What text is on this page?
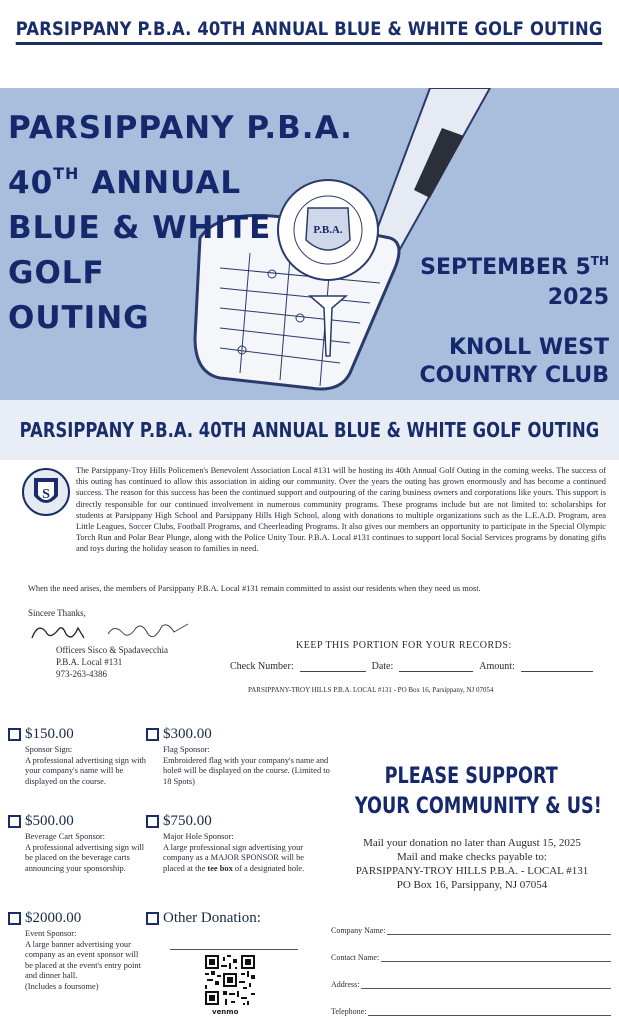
PARSIPPANY P.B.A. 40TH ANNUAL BLUE & WHITE GOLF OUTING
P.B.A.
PARSIPPANY P.B.A.
40TH ANNUAL
BLUE & WHITE
GOLF
OUTING
SEPTEMBER 5TH
2025
KNOLL WEST
COUNTRY CLUB
PARSIPPANY P.B.A. 40TH ANNUAL BLUE & WHITE GOLF OUTING
S
The Parsippany-Troy Hills Policemen's Benevolent Association Local #131 will be hosting its 40th Annual Golf Outing in the coming weeks. The success of this outing has continued to allow this association in aiding our community. Over the years the outing has grown enormously and has become a continued success. The reason for this success has been the continued support and outpouring of the caring business owners and corporations like yours. This support is directly responsible for our continued involvement in numerous community programs. These programs include but are not limited to: scholarships for students at Parsippany High School and Parsippany Hills High School, along with donations to multiple organizations such as the L.E.A.D. Program, area Little Leagues, Soccer Clubs, Football Programs, and Cheerleading Programs. It also gives our members an opportunity to participate in the Special Olympic Torch Run and Polar Bear Plunge, along with the Police Unity Tour. P.B.A. Local #131 continues to support local Social Services programs by donating gifts and toys during the holiday season to families in need.
When the need arises, the members of Parsippany P.B.A. Local #131 remain committed to assist our residents when they need us most.
Sincere Thanks,
Officers Sisco & Spadavecchia
P.B.A. Local #131
973-263-4386
KEEP THIS PORTION FOR YOUR RECORDS:
Check Number:	Date:	Amount:
PARSIPPANY-TROY HILLS P.B.A. LOCAL #131 - PO Box 16, Parsippany, NJ 07054
$150.00
Sponsor Sign:
A professional advertising sign with your company's name will be displayed on the course.
$300.00
Flag Sponsor:
Embroidered flag with your company's name and hole# will be displayed on the course. (Limited to 18 Spots)
$500.00
Beverage Cart Sponsor:
A professional advertising sign will be placed on the beverage carts announcing your sponsorship.
$750.00
Major Hole Sponsor:
A large professional sign advertising your company as a MAJOR SPONSOR will be placed at the tee box of a designated hole.
$2000.00
Event Sponsor:
A large banner advertising your company as an event sponsor will be placed at the event's entry point and dinner hall.
(Includes a foursome)
Other Donation:
venmo
PLEASE SUPPORT
YOUR COMMUNITY & US!
Mail your donation no later than August 15, 2025
Mail and make checks payable to:
PARSIPPANY-TROY HILLS P.B.A. - LOCAL #131
PO Box 16, Parsippany, NJ 07054
Company Name:
Contact Name:
Address:
Telephone:
